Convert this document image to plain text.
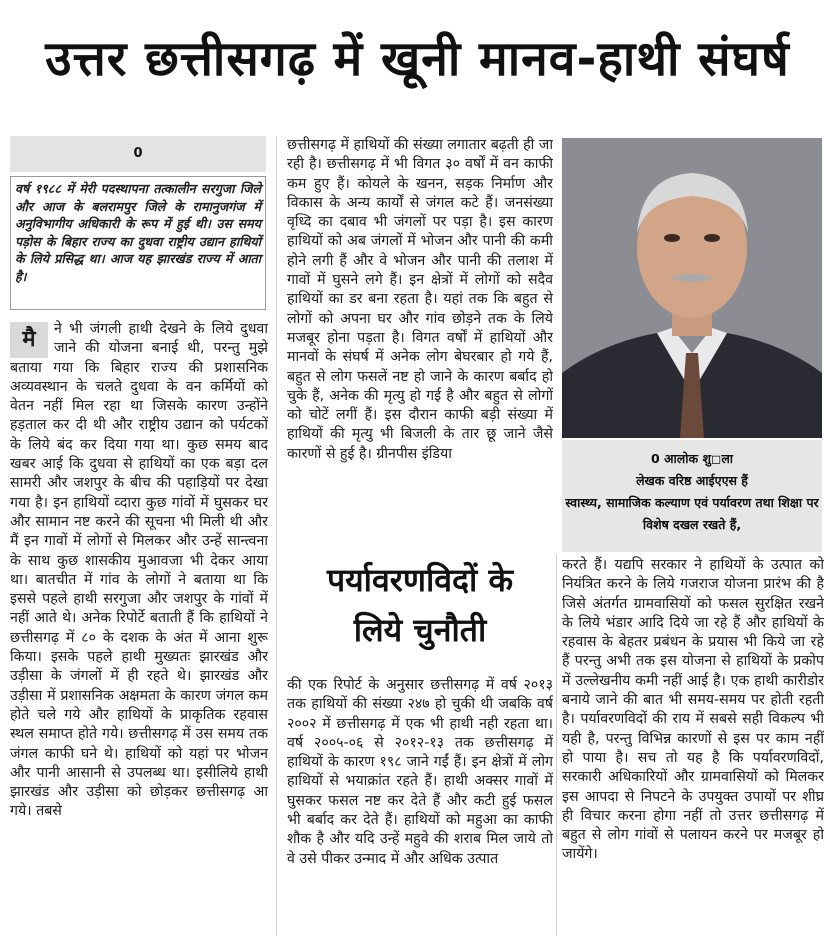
उत्तर छत्तीसगढ़ में खूनी मानव-हाथी संघर्ष
0
वर्ष १९८८ में मेरी पदस्थापना तत्कालीन सरगुजा जिले और आज के बलरामपुर जिले के रामानुजगंज में अनुविभागीय अधिकारी के रूप में हुई थी। उस समय पड़ोस के बिहार राज्य का दुधवा राष्ट्रीय उद्यान हाथियों के लिये प्रसिद्ध था। आज यह झारखंड राज्य में आता है।
मै	ने भी जंगली हाथी देखने के लिये दुधवा जाने की योजना बनाई थी, परन्तु मुझे बताया गया कि बिहार राज्य की प्रशासनिक अव्यवस्थान के चलते दुधवा के वन कर्मियों को वेतन नहीं मिल रहा था जिसके कारण उन्होंने हड़ताल कर दी थी और राष्ट्रीय उद्यान को पर्यटकों के लिये बंद कर दिया गया था। कुछ समय बाद खबर आई कि दुधवा से हाथियों का एक बड़ा दल सामरी और जशपुर के बीच की पहाड़ियों पर देखा गया है। इन हाथियों व्दारा कुछ गांवों में घुसकर घर और सामान नष्ट करने की सूचना भी मिली थी और मैं इन गावों में लोगों से मिलकर और उन्हें सान्त्वना के साथ कुछ शासकीय मुआवजा भी देकर आया था। बातचीत में गांव के लोगों ने बताया था कि इससे पहले हाथी सरगुजा और जशपुर के गांवों में नहीं आते थे। अनेक रिपोर्टे बताती हैं कि हाथियों ने छत्तीसगढ़ में ८० के दशक के अंत में आना शुरू किया। इसके पहले हाथी मुख्यतः झारखंड और उड़ीसा के जंगलों में ही रहते थे। झारखंड और उड़ीसा में प्रशासनिक अक्षमता के कारण जंगल कम होते चले गये और हाथियों के प्राकृतिक रहवास स्थल समाप्त होते गये। छत्तीसगढ़ में उस समय तक जंगल काफी घने थे। हाथियों को यहां पर भोजन और पानी आसानी से उपलब्ध था। इसीलिये हाथी झारखंड और उड़ीसा को छोड़कर छत्तीसगढ़ आ गये। तबसे
छत्तीसगढ़ में हाथियों की संख्या लगातार बढ़ती ही जा रही है। छत्तीसगढ़ में भी विगत ३० वर्षों में वन काफी कम हुए हैं। कोयले के खनन, सड़क निर्माण और विकास के अन्य कार्यों से जंगल कटे हैं। जनसंख्या वृध्दि का दबाव भी जंगलों पर पड़ा है। इस कारण हाथियों को अब जंगलों में भोजन और पानी की कमी होने लगी हैं और वे भोजन और पानी की तलाश में गावों में घुसने लगे हैं। इन क्षेत्रों में लोगों को सदैव हाथियों का डर बना रहता है। यहां तक कि बहुत से लोगों को अपना घर और गांव छोड़ने तक के लिये मजबूर होना पड़ता है। विगत वर्षों में हाथियों और मानवों के संघर्ष में अनेक लोग बेघरबार हो गये हैं, बहुत से लोग फसलें नष्ट हो जाने के कारण बर्बाद हो चुके हैं, अनेक की मृत्यु हो गई है और बहुत से लोगों को चोटें लगीं हैं। इस दौरान काफी बड़ी संख्या में हाथियों की मृत्यु भी बिजली के तार छू जाने जैसे कारणों से हुई है। ग्रीनपीस इंडिया
पर्यावरणविदों के
लिये चुनौती
की एक रिपोर्ट के अनुसार छत्तीसगढ़ में वर्ष २०१३ तक हाथियों की संख्या २४७ हो चुकी थी जबकि वर्ष २००२ में छत्तीसगढ़ में एक भी हाथी नही रहता था। वर्ष २००५-०६ से २०१२-१३ तक छत्तीसगढ़ में हाथियों के कारण १९८ जाने गईं हैं। इन क्षेत्रों में लोग हाथियों से भयाक्रांत रहते हैं। हाथी अक्सर गावों में घुसकर फसल नष्ट कर देते हैं और कटी हुई फसल भी बर्बाद कर देते हैं। हाथियों को महुआ का काफी शौक है और यदि उन्हें महुवे की शराब मिल जाये तो वे उसे पीकर उन्माद में और अधिक उत्पात
0 आलोक शु◻ला
लेखक वरिष्ठ आईएएस हैं
स्वास्थ्य, सामाजिक कल्याण एवं पर्यावरण तथा शिक्षा पर विशेष दखल रखते हैं,
करते हैं। यद्यपि सरकार ने हाथियों के उत्पात को नियंत्रित करने के लिये गजराज योजना प्रारंभ की है जिसे अंतर्गत ग्रामवासियों को फसल सुरक्षित रखने के लिये भंडार आदि दिये जा रहे हैं और हाथियों के रहवास के बेहतर प्रबंधन के प्रयास भी किये जा रहे हैं परन्तु अभी तक इस योजना से हाथियों के प्रकोप में उल्लेखनीय कमी नहीं आई है। एक हाथी कारीडोर बनाये जाने की बात भी समय-समय पर होती रहती है। पर्यावरणविदों की राय में सबसे सही विकल्प भी यही है, परन्तु विभिन्न कारणों से इस पर काम नहीं हो पाया है। सच तो यह है कि पर्यावरणविदों, सरकारी अधिकारियों और ग्रामवासियों को मिलकर इस आपदा से निपटने के उपयुक्त उपायों पर शीघ्र ही विचार करना होगा नहीं तो उत्तर छत्तीसगढ़ में बहुत से लोग गांवों से पलायन करने पर मजबूर हो जायेंगे।
